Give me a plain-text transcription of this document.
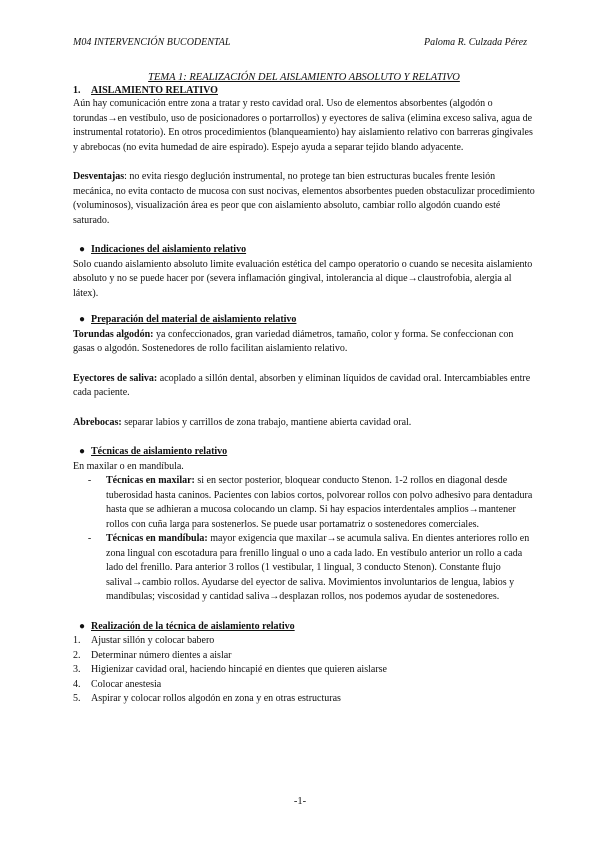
M04 INTERVENCIÓN BUCODENTAL	Paloma R. Culzada Pérez
TEMA 1: REALIZACIÓN DEL AISLAMIENTO ABSOLUTO Y RELATIVO
1.	AISLAMIENTO RELATIVO

Aún hay comunicación entre zona a tratar y resto cavidad oral. Uso de elementos absorbentes (algodón o torundas→en vestíbulo, uso de posicionadores o portarrollos) y eyectores de saliva (elimina exceso saliva, agua de instrumental rotatorio). En otros procedimientos (blanqueamiento) hay aislamiento relativo con barreras gingivales y abrebocas (no evita humedad de aire espirado). Espejo ayuda a separar tejido blando adyacente.

Desventajas: no evita riesgo deglución instrumental, no protege tan bien estructuras bucales frente lesión mecánica, no evita contacto de mucosa con sust nocivas, elementos absorbentes pueden obstaculizar procedimiento (voluminosos), visualización área es peor que con aislamiento absoluto, cambiar rollo algodón cuando esté saturado.

● Indicaciones del aislamiento relativo

Solo cuando aislamiento absoluto limite evaluación estética del campo operatorio o cuando se necesita aislamiento absoluto y no se puede hacer por (severa inflamación gingival, intolerancia al dique→claustrofobia, alergia al látex).

● Preparación del material de aislamiento relativo

Torundas algodón: ya confeccionados, gran variedad diámetros, tamaño, color y forma. Se confeccionan con gasas o algodón. Sostenedores de rollo facilitan aislamiento relativo.

Eyectores de saliva: acoplado a sillón dental, absorben y eliminan líquidos de cavidad oral. Intercambiables entre cada paciente.

Abrebocas: separar labios y carrillos de zona trabajo, mantiene abierta cavidad oral.

● Técnicas de aislamiento relativo

En maxilar o en mandíbula.

-	Técnicas en maxilar: si en sector posterior, bloquear conducto Stenon. 1-2 rollos en diagonal desde tuberosidad hasta caninos. Pacientes con labios cortos, polvorear rollos con polvo adhesivo para dentadura hasta que se adhieran a mucosa colocando un clamp. Si hay espacios interdentales amplios→mantener rollos con cuña larga para sostenerlos. Se puede usar portamatriz o sostenedores comerciales.
-	Técnicas en mandíbula: mayor exigencia que maxilar→se acumula saliva. En dientes anteriores rollo en zona lingual con escotadura para frenillo lingual o uno a cada lado. En vestíbulo anterior un rollo a cada lado del frenillo. Para anterior 3 rollos (1 vestibular, 1 lingual, 3 conducto Stenon). Constante flujo salival→cambio rollos. Ayudarse del eyector de saliva. Movimientos involuntarios de lengua, labios y mandíbulas; viscosidad y cantidad saliva→desplazan rollos, nos podemos ayudar de sostenedores.
● Realización de la técnica de aislamiento relativo
1.	Ajustar sillón y colocar babero
2.	Determinar número dientes a aislar
3.	Higienizar cavidad oral, haciendo hincapié en dientes que quieren aislarse
4.	Colocar anestesia
5.	Aspirar y colocar rollos algodón en zona y en otras estructuras
-1-
